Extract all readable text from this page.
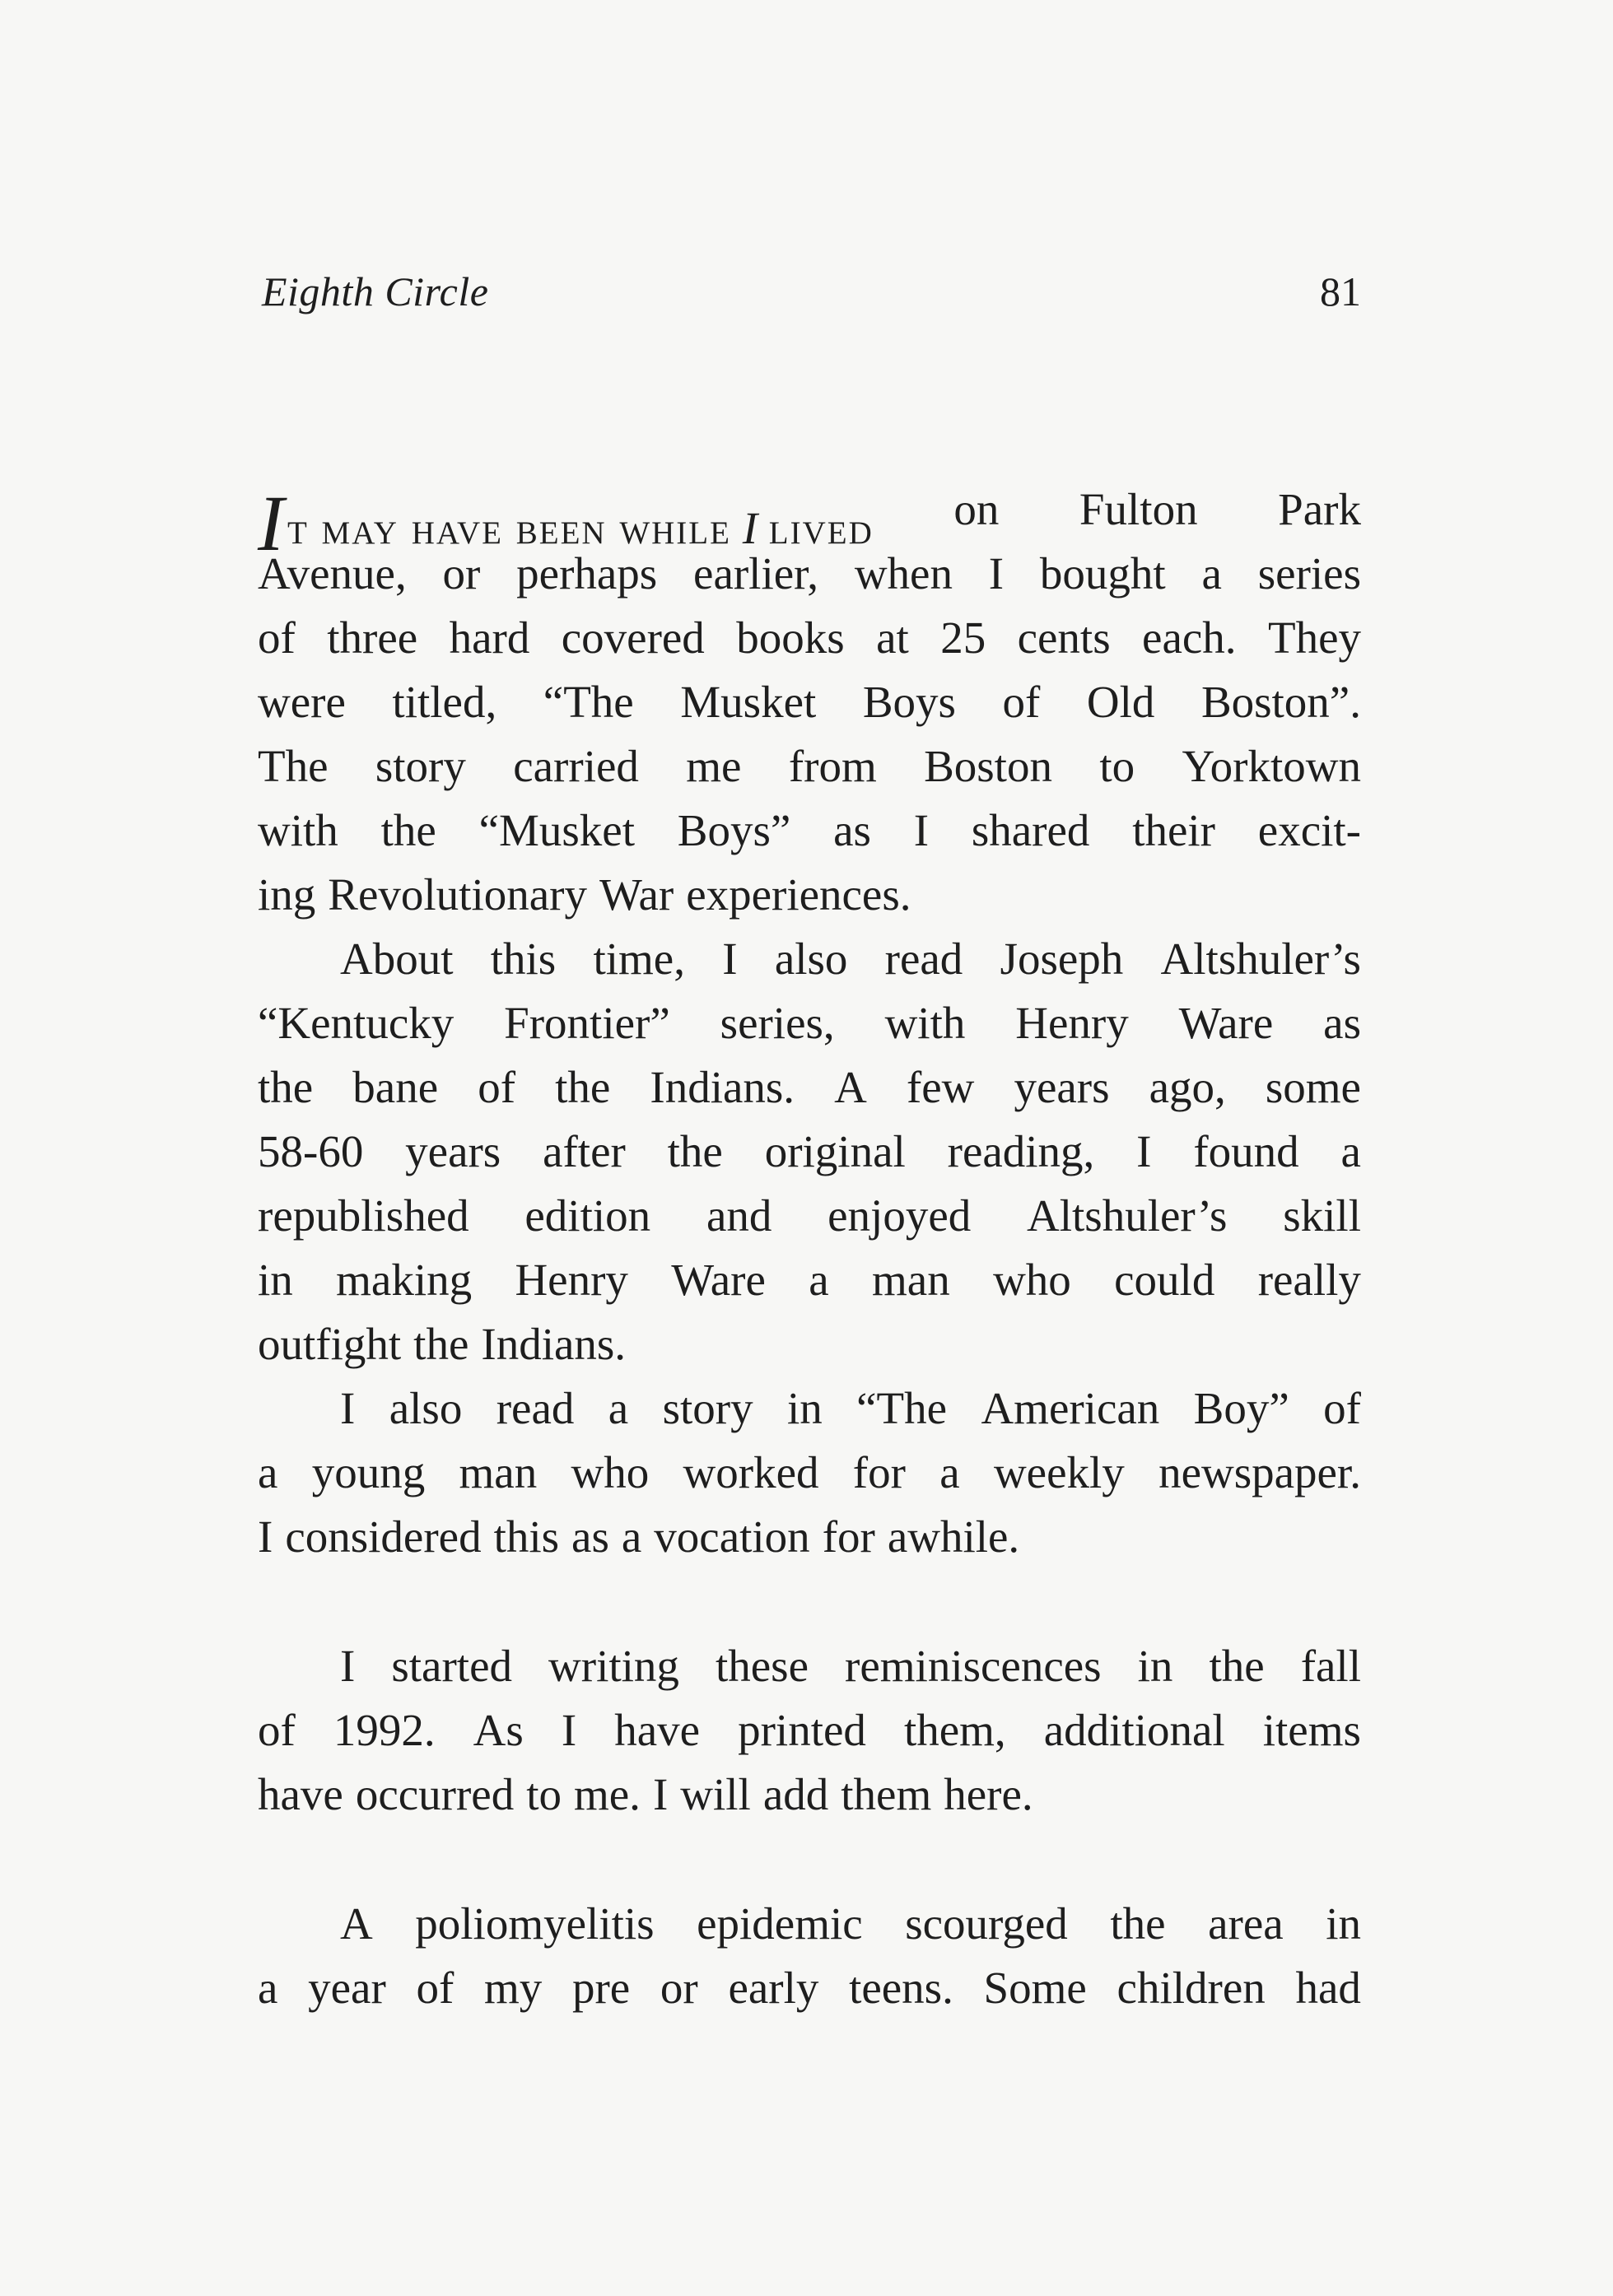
Eighth Circle	81
It may have been while I lived on Fulton Park
Avenue, or perhaps earlier, when I bought a series
of three hard covered books at 25 cents each. They
were titled, “The Musket Boys of Old Boston”.
The story carried me from Boston to Yorktown
with the “Musket Boys” as I shared their excit-
ing Revolutionary War experiences.
About this time, I also read Joseph Altshuler’s
“Kentucky Frontier” series, with Henry Ware as
the bane of the Indians. A few years ago, some
58-60 years after the original reading, I found a
republished edition and enjoyed Altshuler’s skill
in making Henry Ware a man who could really
outfight the Indians.
I also read a story in “The American Boy” of
a young man who worked for a weekly newspaper.
I considered this as a vocation for awhile.
I started writing these reminiscences in the fall
of 1992. As I have printed them, additional items
have occurred to me. I will add them here.
A poliomyelitis epidemic scourged the area in
a year of my pre or early teens. Some children had
